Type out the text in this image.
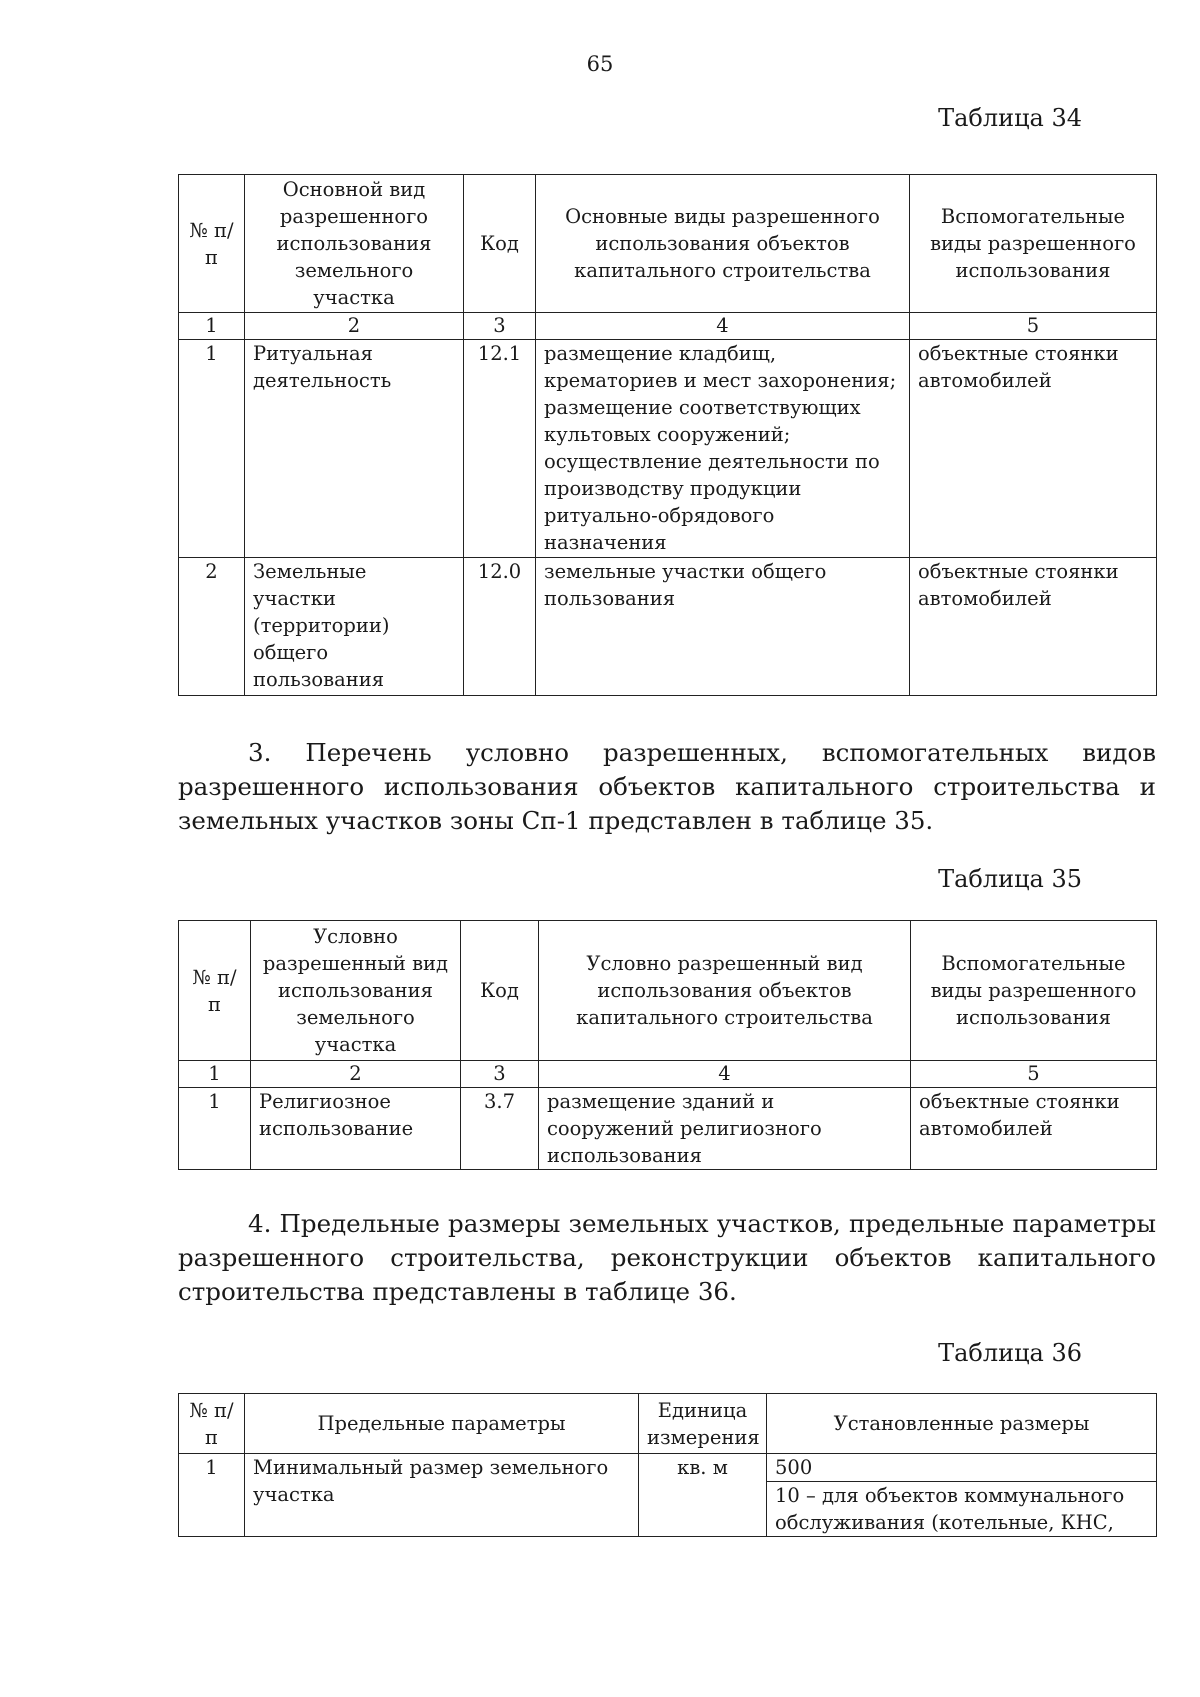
65
Таблица 34
№ п/п	Основной вид разрешенного использования земельного участка	Код	Основные виды разрешенного использования объектов капитального строительства	Вспомогательные виды разрешенного использования
1	2	3	4	5
1	Ритуальная деятельность	12.1	размещение кладбищ, крематориев и мест захоронения; размещение соответствующих культовых сооружений; осуществление деятельности по производству продукции ритуально-обрядового назначения	объектные стоянки автомобилей
2	Земельные участки (территории) общего пользования	12.0	земельные участки общего пользования	объектные стоянки автомобилей
3. Перечень условно разрешенных, вспомогательных видов разрешенного использования объектов капитального строительства и земельных участков зоны Сп-1 представлен в таблице 35.
Таблица 35
№ п/п	Условно разрешенный вид использования земельного участка	Код	Условно разрешенный вид использования объектов капитального строительства	Вспомогательные виды разрешенного использования
1	2	3	4	5
1	Религиозное использование	3.7	размещение зданий и сооружений религиозного использования	объектные стоянки автомобилей
4. Предельные размеры земельных участков, предельные параметры разрешенного строительства, реконструкции объектов капитального строительства представлены в таблице 36.
Таблица 36
№ п/п	Предельные параметры	Единица измерения	Установленные размеры
1	Минимальный размер земельного участка	кв. м	500
			10 – для объектов коммунального обслуживания (котельные, КНС,
